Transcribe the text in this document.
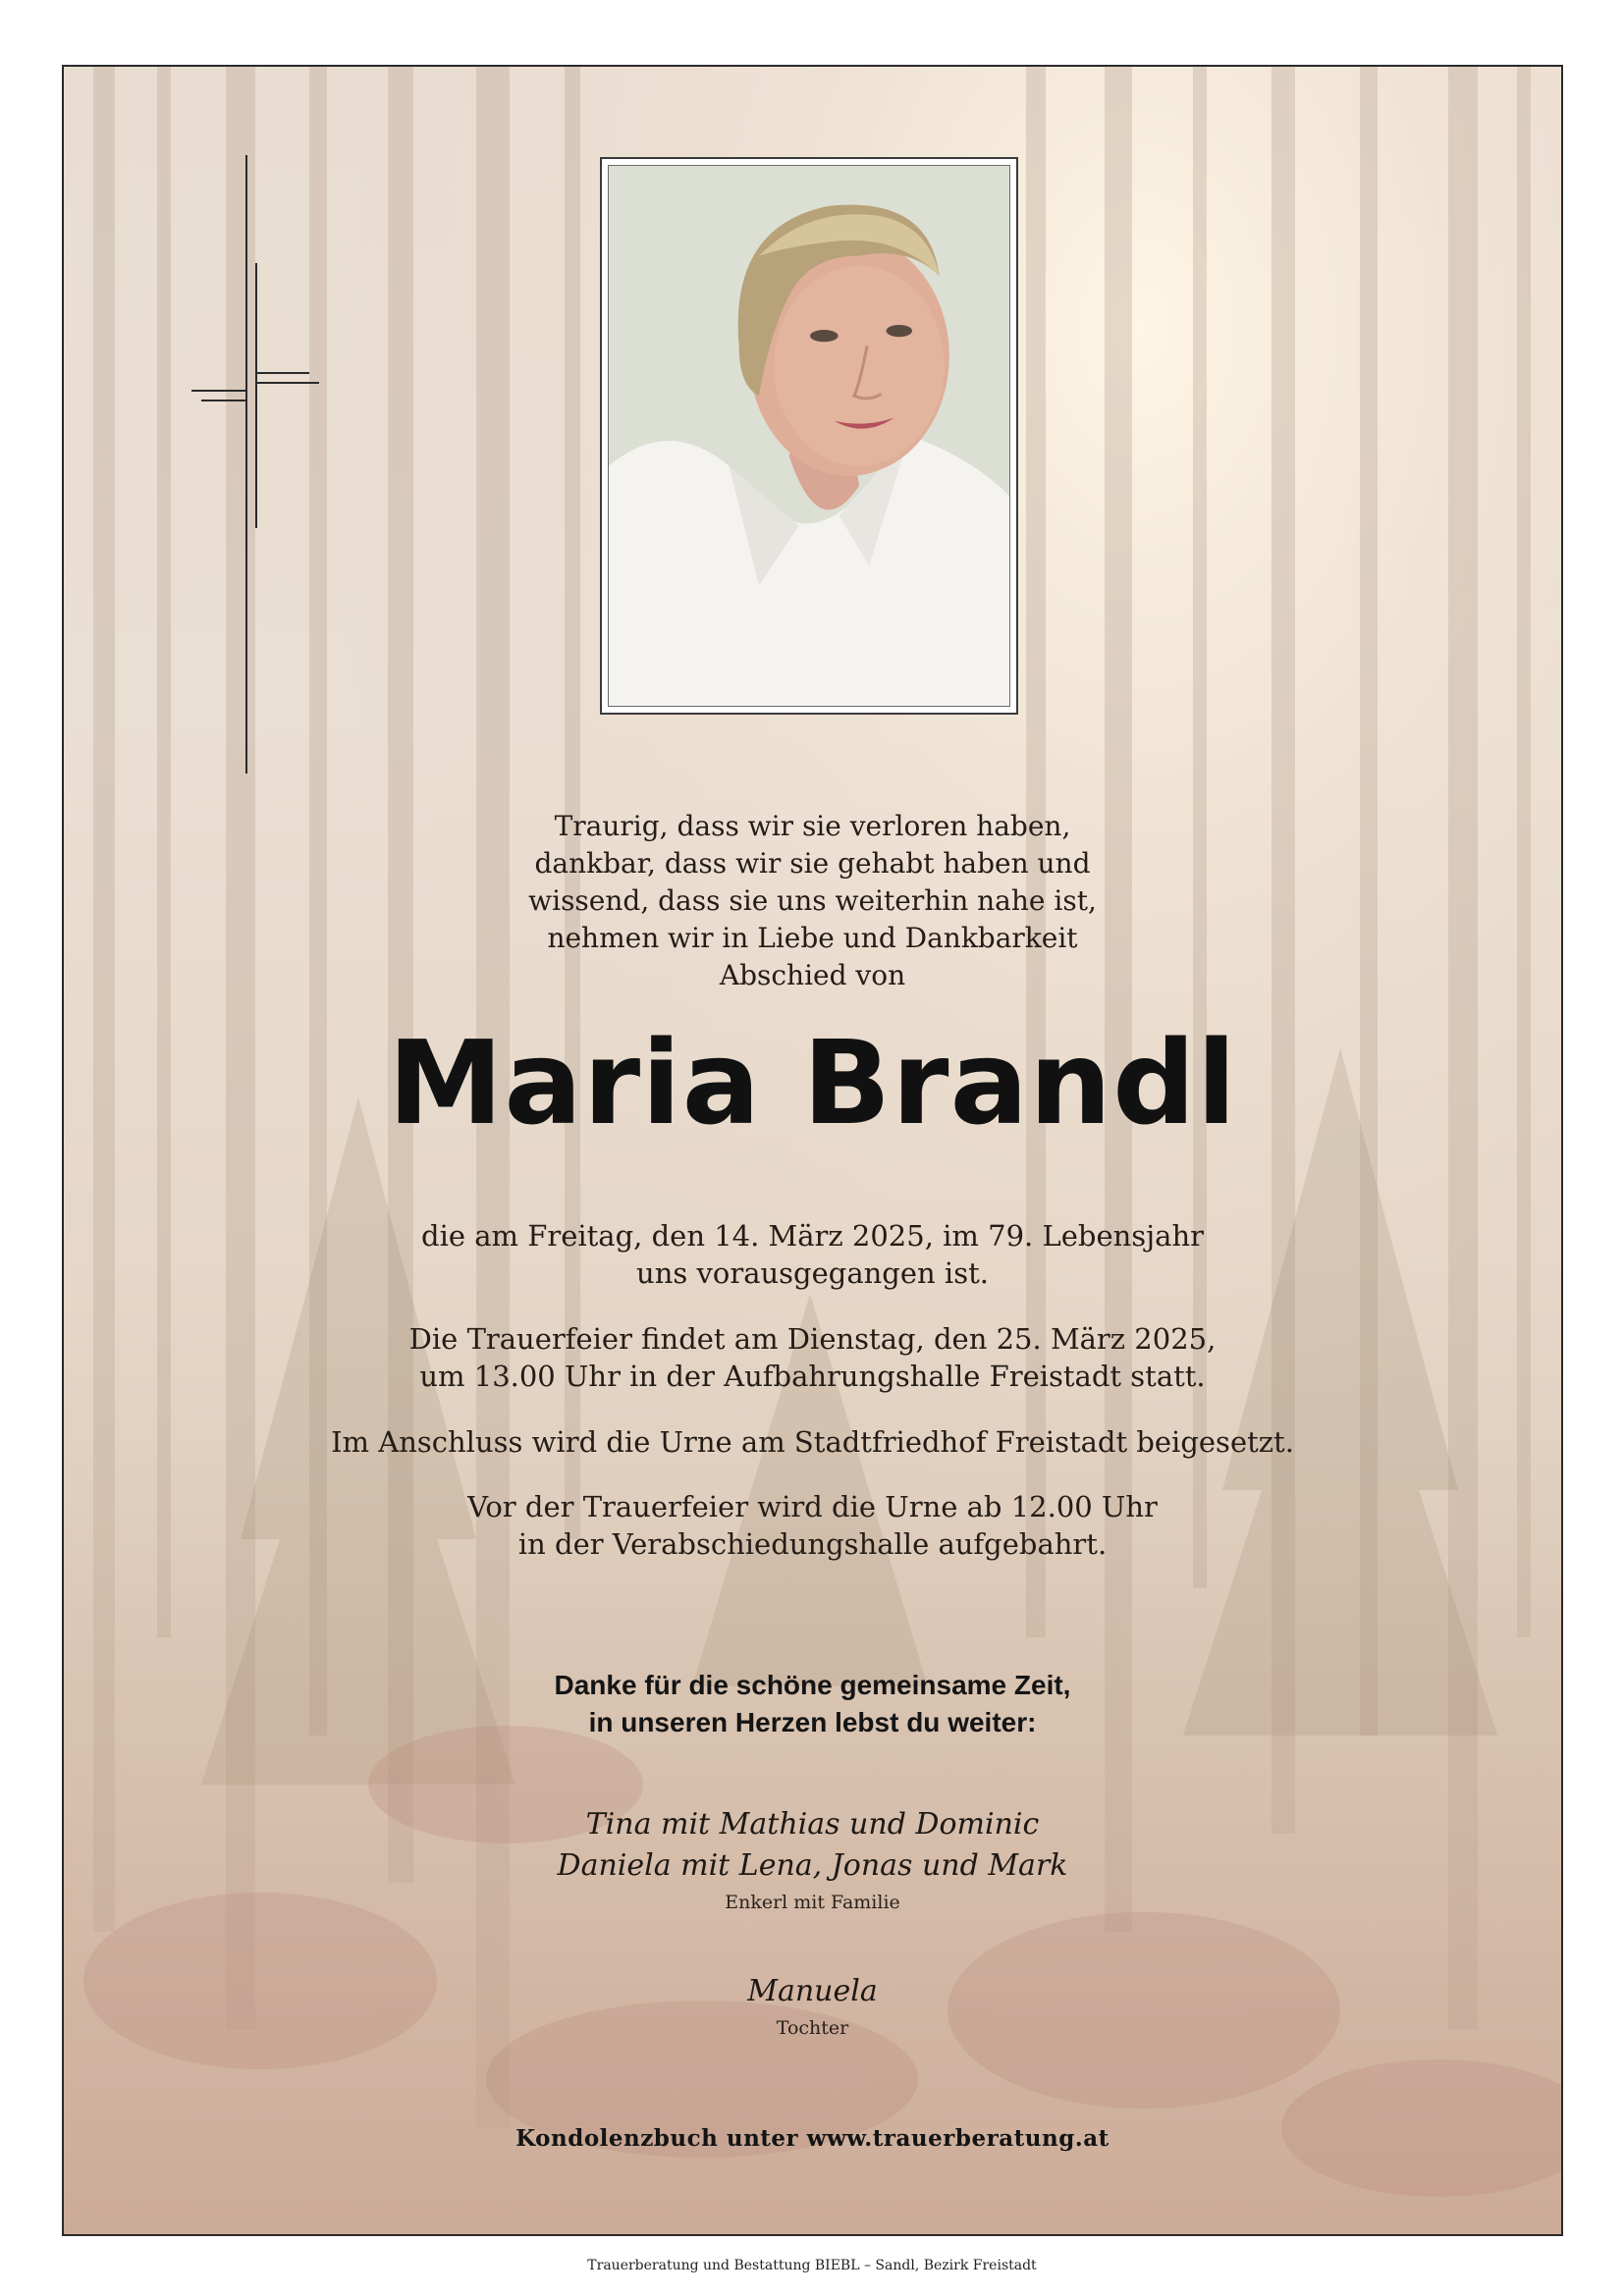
Traurig, dass wir sie verloren haben,
dankbar, dass wir sie gehabt haben und
wissend, dass sie uns weiterhin nahe ist,
nehmen wir in Liebe und Dankbarkeit
Abschied von
Maria Brandl
die am Freitag, den 14. März 2025, im 79. Lebensjahr
uns vorausgegangen ist.
Die Trauerfeier findet am Dienstag, den 25. März 2025,
um 13.00 Uhr in der Aufbahrungshalle Freistadt statt.
Im Anschluss wird die Urne am Stadtfriedhof Freistadt beigesetzt.
Vor der Trauerfeier wird die Urne ab 12.00 Uhr
in der Verabschiedungshalle aufgebahrt.
Danke für die schöne gemeinsame Zeit,
in unseren Herzen lebst du weiter:
Tina mit Mathias und Dominic
Daniela mit Lena, Jonas und Mark
Enkerl mit Familie
Manuela
Tochter
Kondolenzbuch unter www.trauerberatung.at
Trauerberatung und Bestattung BIEBL – Sandl, Bezirk Freistadt
